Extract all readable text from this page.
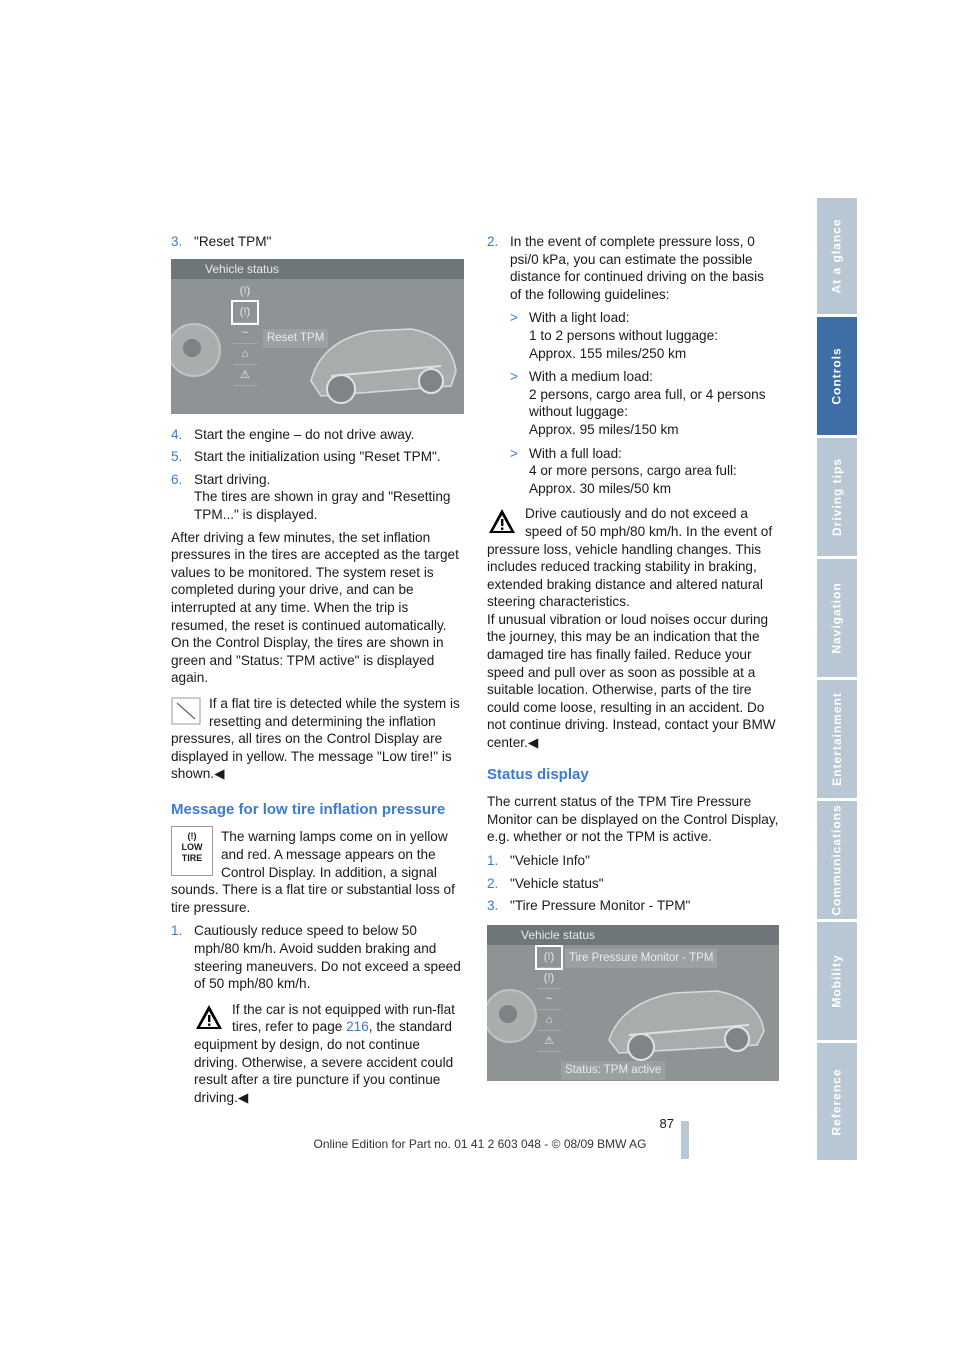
3. "Reset TPM"
Vehicle status
(!)
(!)
~
⌂
⚠
Reset TPM
4. Start the engine – do not drive away.
5. Start the initialization using "Reset TPM".
6. Start driving.
The tires are shown in gray and "Resetting TPM..." is displayed.

After driving a few minutes, the set inflation pressures in the tires are accepted as the target values to be monitored. The system reset is completed during your drive, and can be interrupted at any time. When the trip is resumed, the reset is continued automatically. On the Control Display, the tires are shown in green and "Status: TPM active" is displayed again.

If a flat tire is detected while the system is resetting and determining the inflation pressures, all tires on the Control Display are displayed in yellow. The message "Low tire!" is shown.◀

Message for low tire inflation pressure

(!)
LOW TIRE
The warning lamps come on in yellow and red. A message appears on the Control Display. In addition, a signal sounds. There is a flat tire or substantial loss of tire pressure.

1. Cautiously reduce speed to below 50 mph/80 km/h. Avoid sudden braking and steering maneuvers. Do not exceed a speed of 50 mph/80 km/h.

If the car is not equipped with run-flat tires, refer to page 216, the standard equipment by design, do not continue driving. Otherwise, a severe accident could result after a tire puncture if you continue driving.◀

2. In the event of complete pressure loss, 0 psi/0 kPa, you can estimate the possible distance for continued driving on the basis of the following guidelines:
> With a light load:
1 to 2 persons without luggage:
Approx. 155 miles/250 km
> With a medium load:
2 persons, cargo area full, or 4 persons without luggage:
Approx. 95 miles/150 km
> With a full load:
4 or more persons, cargo area full:
Approx. 30 miles/50 km

Drive cautiously and do not exceed a speed of 50 mph/80 km/h. In the event of pressure loss, vehicle handling changes. This includes reduced tracking stability in braking, extended braking distance and altered natural steering characteristics.
If unusual vibration or loud noises occur during the journey, this may be an indication that the damaged tire has finally failed. Reduce your speed and pull over as soon as possible at a suitable location. Otherwise, parts of the tire could come loose, resulting in an accident. Do not continue driving. Instead, contact your BMW center.◀

Status display

The current status of the TPM Tire Pressure Monitor can be displayed on the Control Display, e.g. whether or not the TPM is active.

1. "Vehicle Info"
2. "Vehicle status"
3. "Tire Pressure Monitor - TPM"
Vehicle status
(!)
(!)
~
⌂
⚠
Tire Pressure Monitor - TPM
Status: TPM active
At a glance
Controls
Driving tips
Navigation
Entertainment
Communications
Mobility
Reference
87
Online Edition for Part no. 01 41 2 603 048 - © 08/09 BMW AG
